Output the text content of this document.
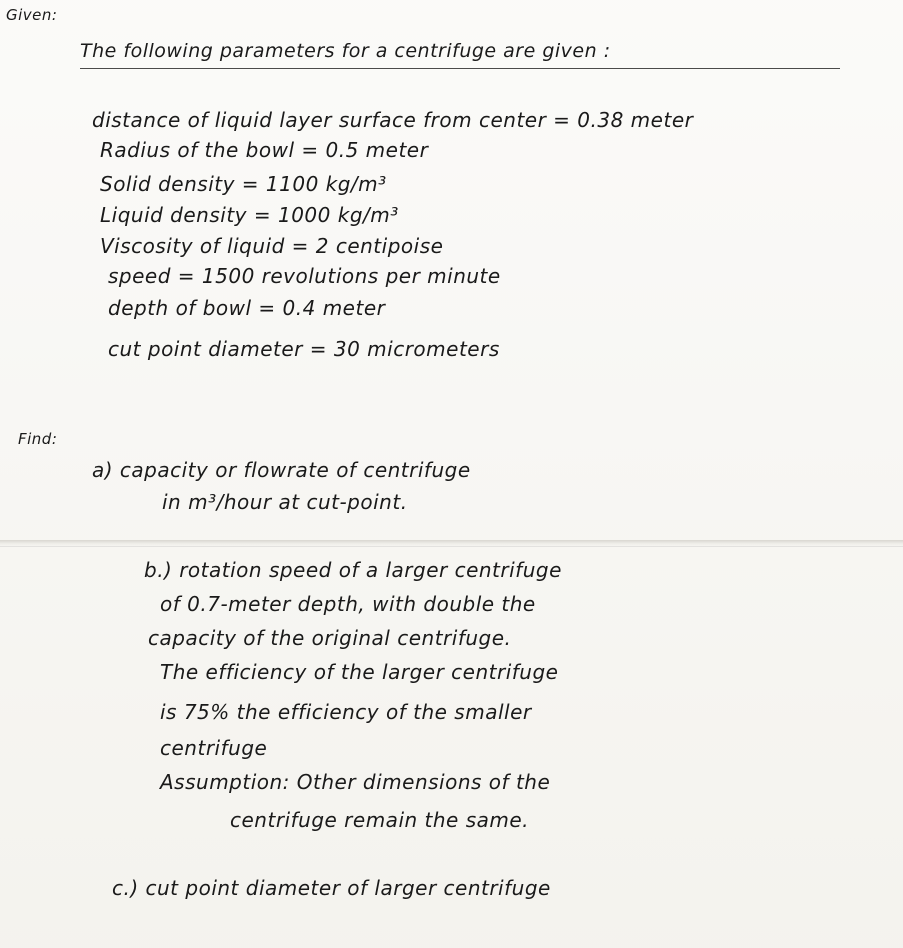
Given:
The following parameters for a centrifuge are given :
distance of liquid layer surface from center = 0.38 meter
Radius of the bowl = 0.5 meter
Solid density = 1100 kg/m³
Liquid density = 1000 kg/m³
Viscosity of liquid = 2 centipoise
speed = 1500 revolutions per minute
depth of bowl = 0.4 meter
cut point diameter = 30 micrometers
Find:
a) capacity or flowrate of centrifuge
in m³/hour at cut-point.
b.) rotation speed of a larger centrifuge
of 0.7-meter depth, with double the
capacity of the original centrifuge.
The efficiency of the larger centrifuge
is 75% the efficiency of the smaller
centrifuge
Assumption: Other dimensions of the
centrifuge remain the same.
c.) cut point diameter of larger centrifuge
